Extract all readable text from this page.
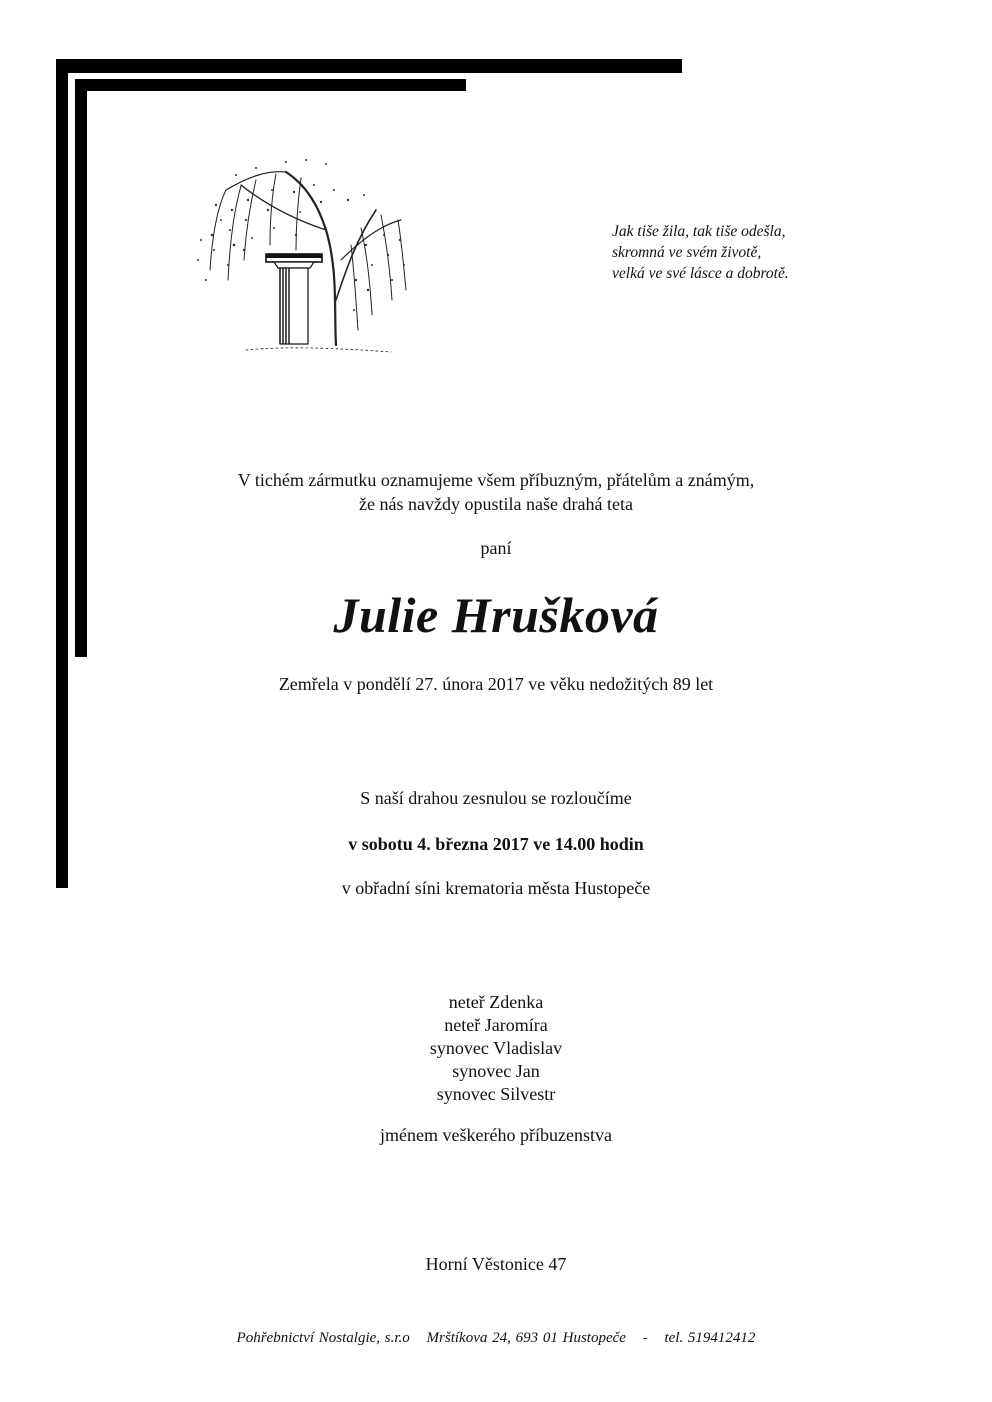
Jak tiše žila, tak tiše odešla,
skromná ve svém životě,
velká ve své lásce a dobrotě.
V tichém zármutku oznamujeme všem příbuzným, přátelům a známým,
že nás navždy opustila naše drahá teta
paní
Julie Hrušková
Zemřela v pondělí 27. února 2017 ve věku nedožitých 89 let
S naší drahou zesnulou se rozloučíme
v sobotu 4. března 2017 ve 14.00 hodin
v obřadní síni krematoria města Hustopeče
neteř Zdenka
neteř Jaromíra
synovec Vladislav
synovec Jan
synovec Silvestr
jménem veškerého příbuzenstva
Horní Věstonice 47
Pohřebnictví Nostalgie, s.r.o Mrštíkova 24, 693 01 Hustopeče - tel. 519412412
